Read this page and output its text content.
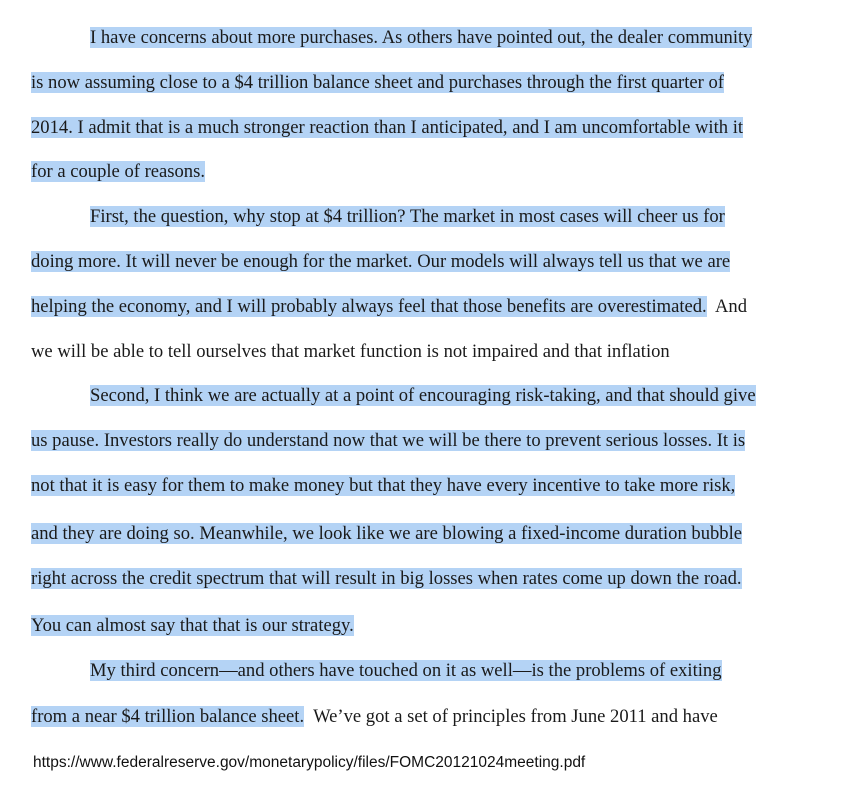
I have concerns about more purchases. As others have pointed out, the dealer community
is now assuming close to a $4 trillion balance sheet and purchases through the first quarter of
2014. I admit that is a much stronger reaction than I anticipated, and I am uncomfortable with it
for a couple of reasons.
First, the question, why stop at $4 trillion? The market in most cases will cheer us for
doing more. It will never be enough for the market. Our models will always tell us that we are
helping the economy, and I will probably always feel that those benefits are overestimated.  And
we will be able to tell ourselves that market function is not impaired and that inflation
Second, I think we are actually at a point of encouraging risk-taking, and that should give
us pause. Investors really do understand now that we will be there to prevent serious losses. It is
not that it is easy for them to make money but that they have every incentive to take more risk,
and they are doing so. Meanwhile, we look like we are blowing a fixed-income duration bubble
right across the credit spectrum that will result in big losses when rates come up down the road.
You can almost say that that is our strategy.
My third concern—and others have touched on it as well—is the problems of exiting
from a near $4 trillion balance sheet.  We’ve got a set of principles from June 2011 and have
https://www.federalreserve.gov/monetarypolicy/files/FOMC20121024meeting.pdf
